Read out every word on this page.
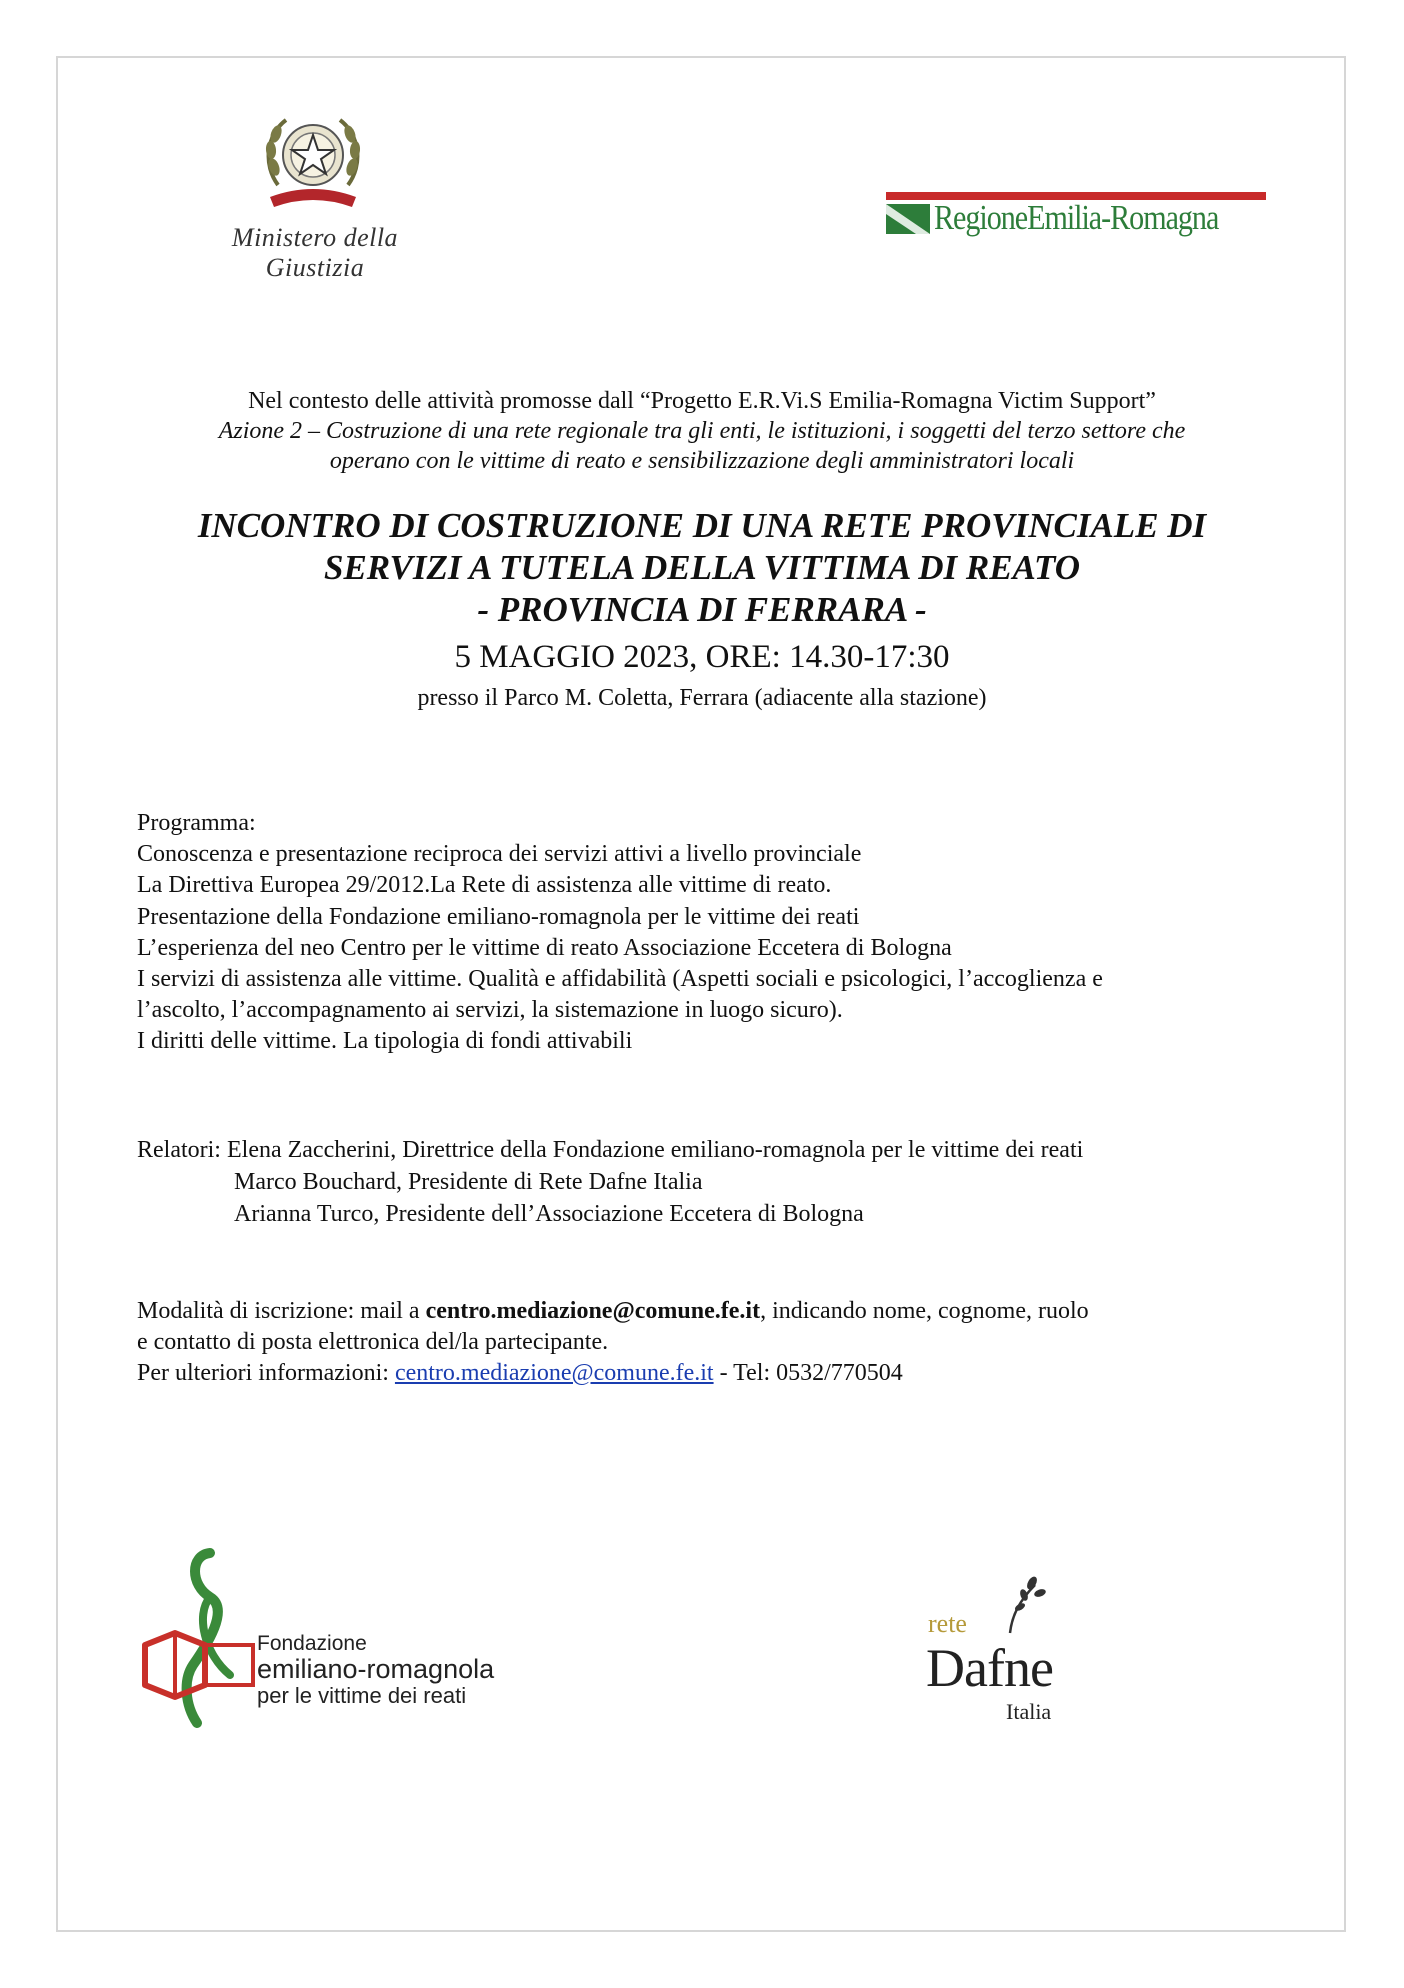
Ministero della Giustizia
RegioneEmilia-Romagna
Nel contesto delle attività promosse dall “Progetto E.R.Vi.S Emilia-Romagna Victim Support”
Azione 2 – Costruzione di una rete regionale tra gli enti, le istituzioni, i soggetti del terzo settore che
operano con le vittime di reato e sensibilizzazione degli amministratori locali
INCONTRO DI COSTRUZIONE DI UNA RETE PROVINCIALE DI
SERVIZI A TUTELA DELLA VITTIMA DI REATO
- PROVINCIA DI FERRARA -
5 MAGGIO 2023, ORE: 14.30-17:30
presso il Parco M. Coletta, Ferrara (adiacente alla stazione)
Programma:
Conoscenza e presentazione reciproca dei servizi attivi a livello provinciale
La Direttiva Europea 29/2012.La Rete di assistenza alle vittime di reato.
Presentazione della Fondazione emiliano-romagnola per le vittime dei reati
L’esperienza del neo Centro per le vittime di reato Associazione Eccetera di Bologna
I servizi di assistenza alle vittime. Qualità e affidabilità (Aspetti sociali e psicologici, l’accoglienza e
l’ascolto, l’accompagnamento ai servizi, la sistemazione in luogo sicuro).
I diritti delle vittime. La tipologia di fondi attivabili
Relatori: Elena Zaccherini, Direttrice della Fondazione emiliano-romagnola per le vittime dei reati
Marco Bouchard, Presidente di Rete Dafne Italia
Arianna Turco, Presidente dell’Associazione Eccetera di Bologna
Modalità di iscrizione: mail a centro.mediazione@comune.fe.it, indicando nome, cognome, ruolo
e contatto di posta elettronica del/la partecipante.
Per ulteriori informazioni: centro.mediazione@comune.fe.it - Tel: 0532/770504
Fondazione
emiliano-romagnola
per le vittime dei reati
rete
Dafne
Italia
